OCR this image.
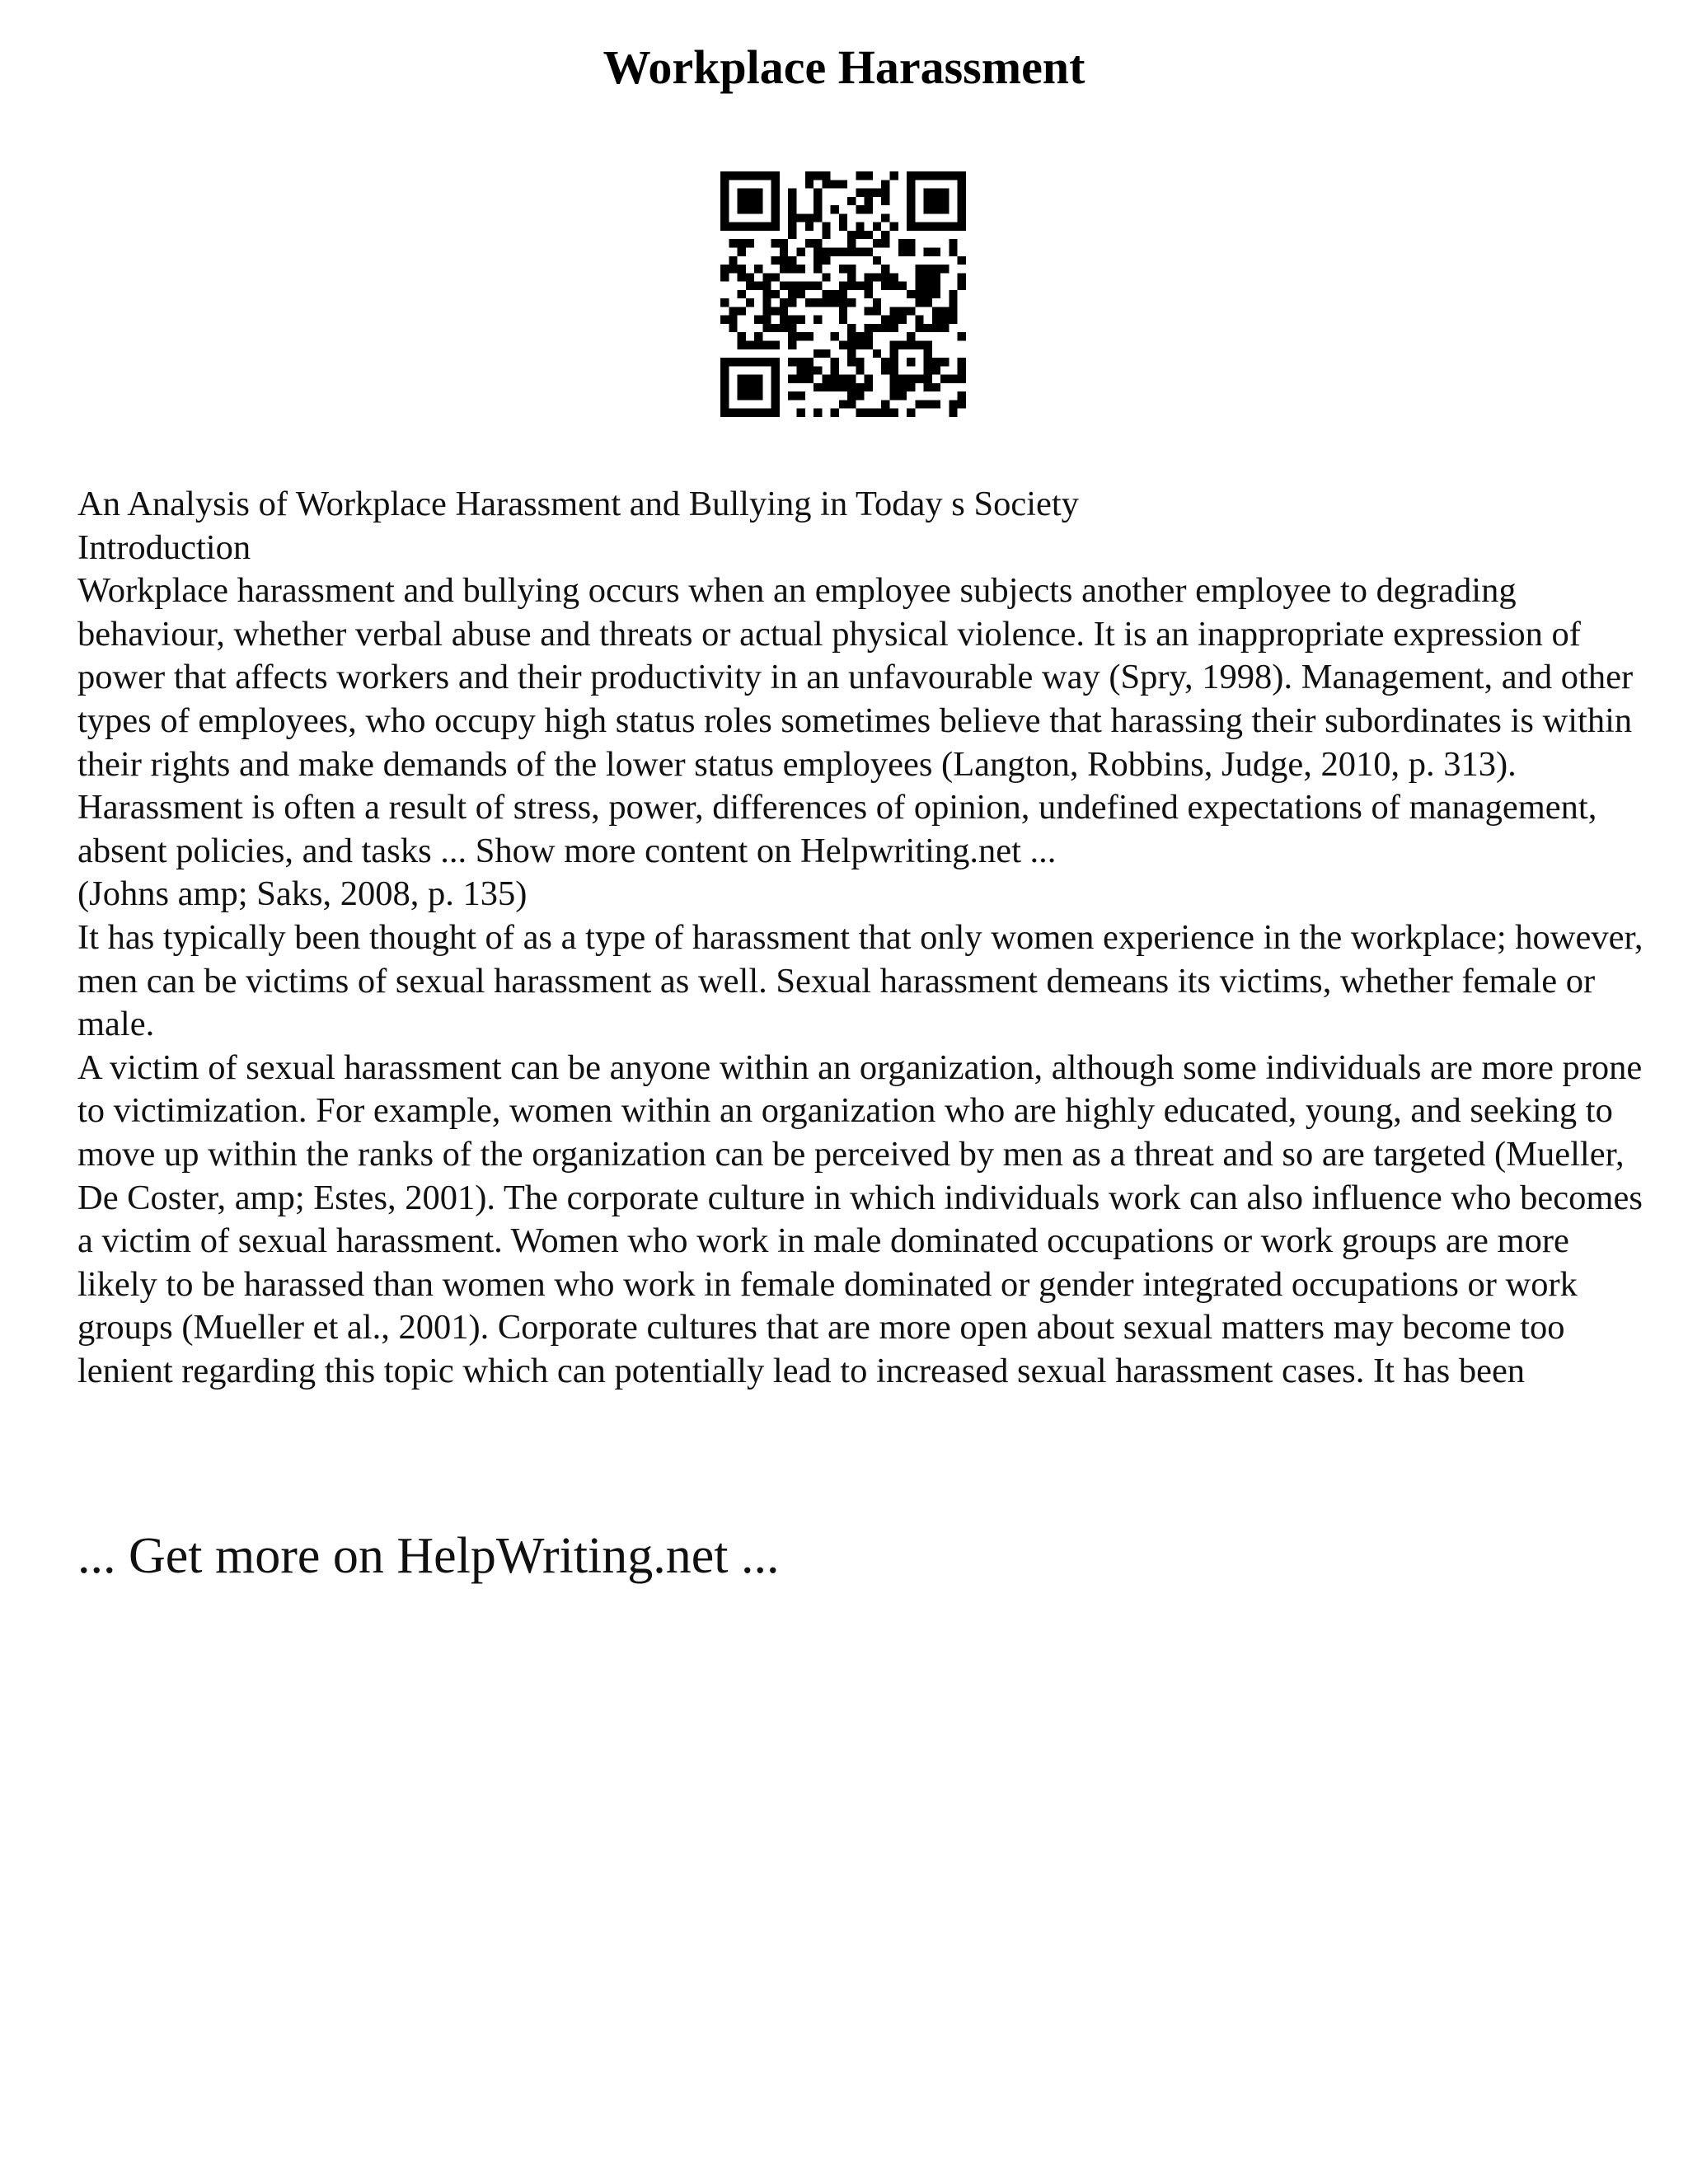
Workplace Harassment

An Analysis of Workplace Harassment and Bullying in Today s Society

Introduction

Workplace harassment and bullying occurs when an employee subjects another employee to degrading behaviour, whether verbal abuse and threats or actual physical violence. It is an inappropriate expression of power that affects workers and their productivity in an unfavourable way (Spry, 1998). Management, and other types of employees, who occupy high status roles sometimes believe that harassing their subordinates is within their rights and make demands of the lower status employees (Langton, Robbins, Judge, 2010, p. 313).

Harassment is often a result of stress, power, differences of opinion, undefined expectations of management, absent policies, and tasks ... Show more content on Helpwriting.net ...

(Johns amp; Saks, 2008, p. 135)

It has typically been thought of as a type of harassment that only women experience in the workplace; however, men can be victims of sexual harassment as well. Sexual harassment demeans its victims, whether female or male.

A victim of sexual harassment can be anyone within an organization, although some individuals are more prone to victimization. For example, women within an organization who are highly educated, young, and seeking to move up within the ranks of the organization can be perceived by men as a threat and so are targeted (Mueller, De Coster, amp; Estes, 2001). The corporate culture in which individuals work can also influence who becomes a victim of sexual harassment. Women who work in male dominated occupations or work groups are more likely to be harassed than women who work in female dominated or gender integrated occupations or work groups (Mueller et al., 2001). Corporate cultures that are more open about sexual matters may become too lenient regarding this topic which can potentially lead to increased sexual harassment cases. It has been

... Get more on HelpWriting.net ...
